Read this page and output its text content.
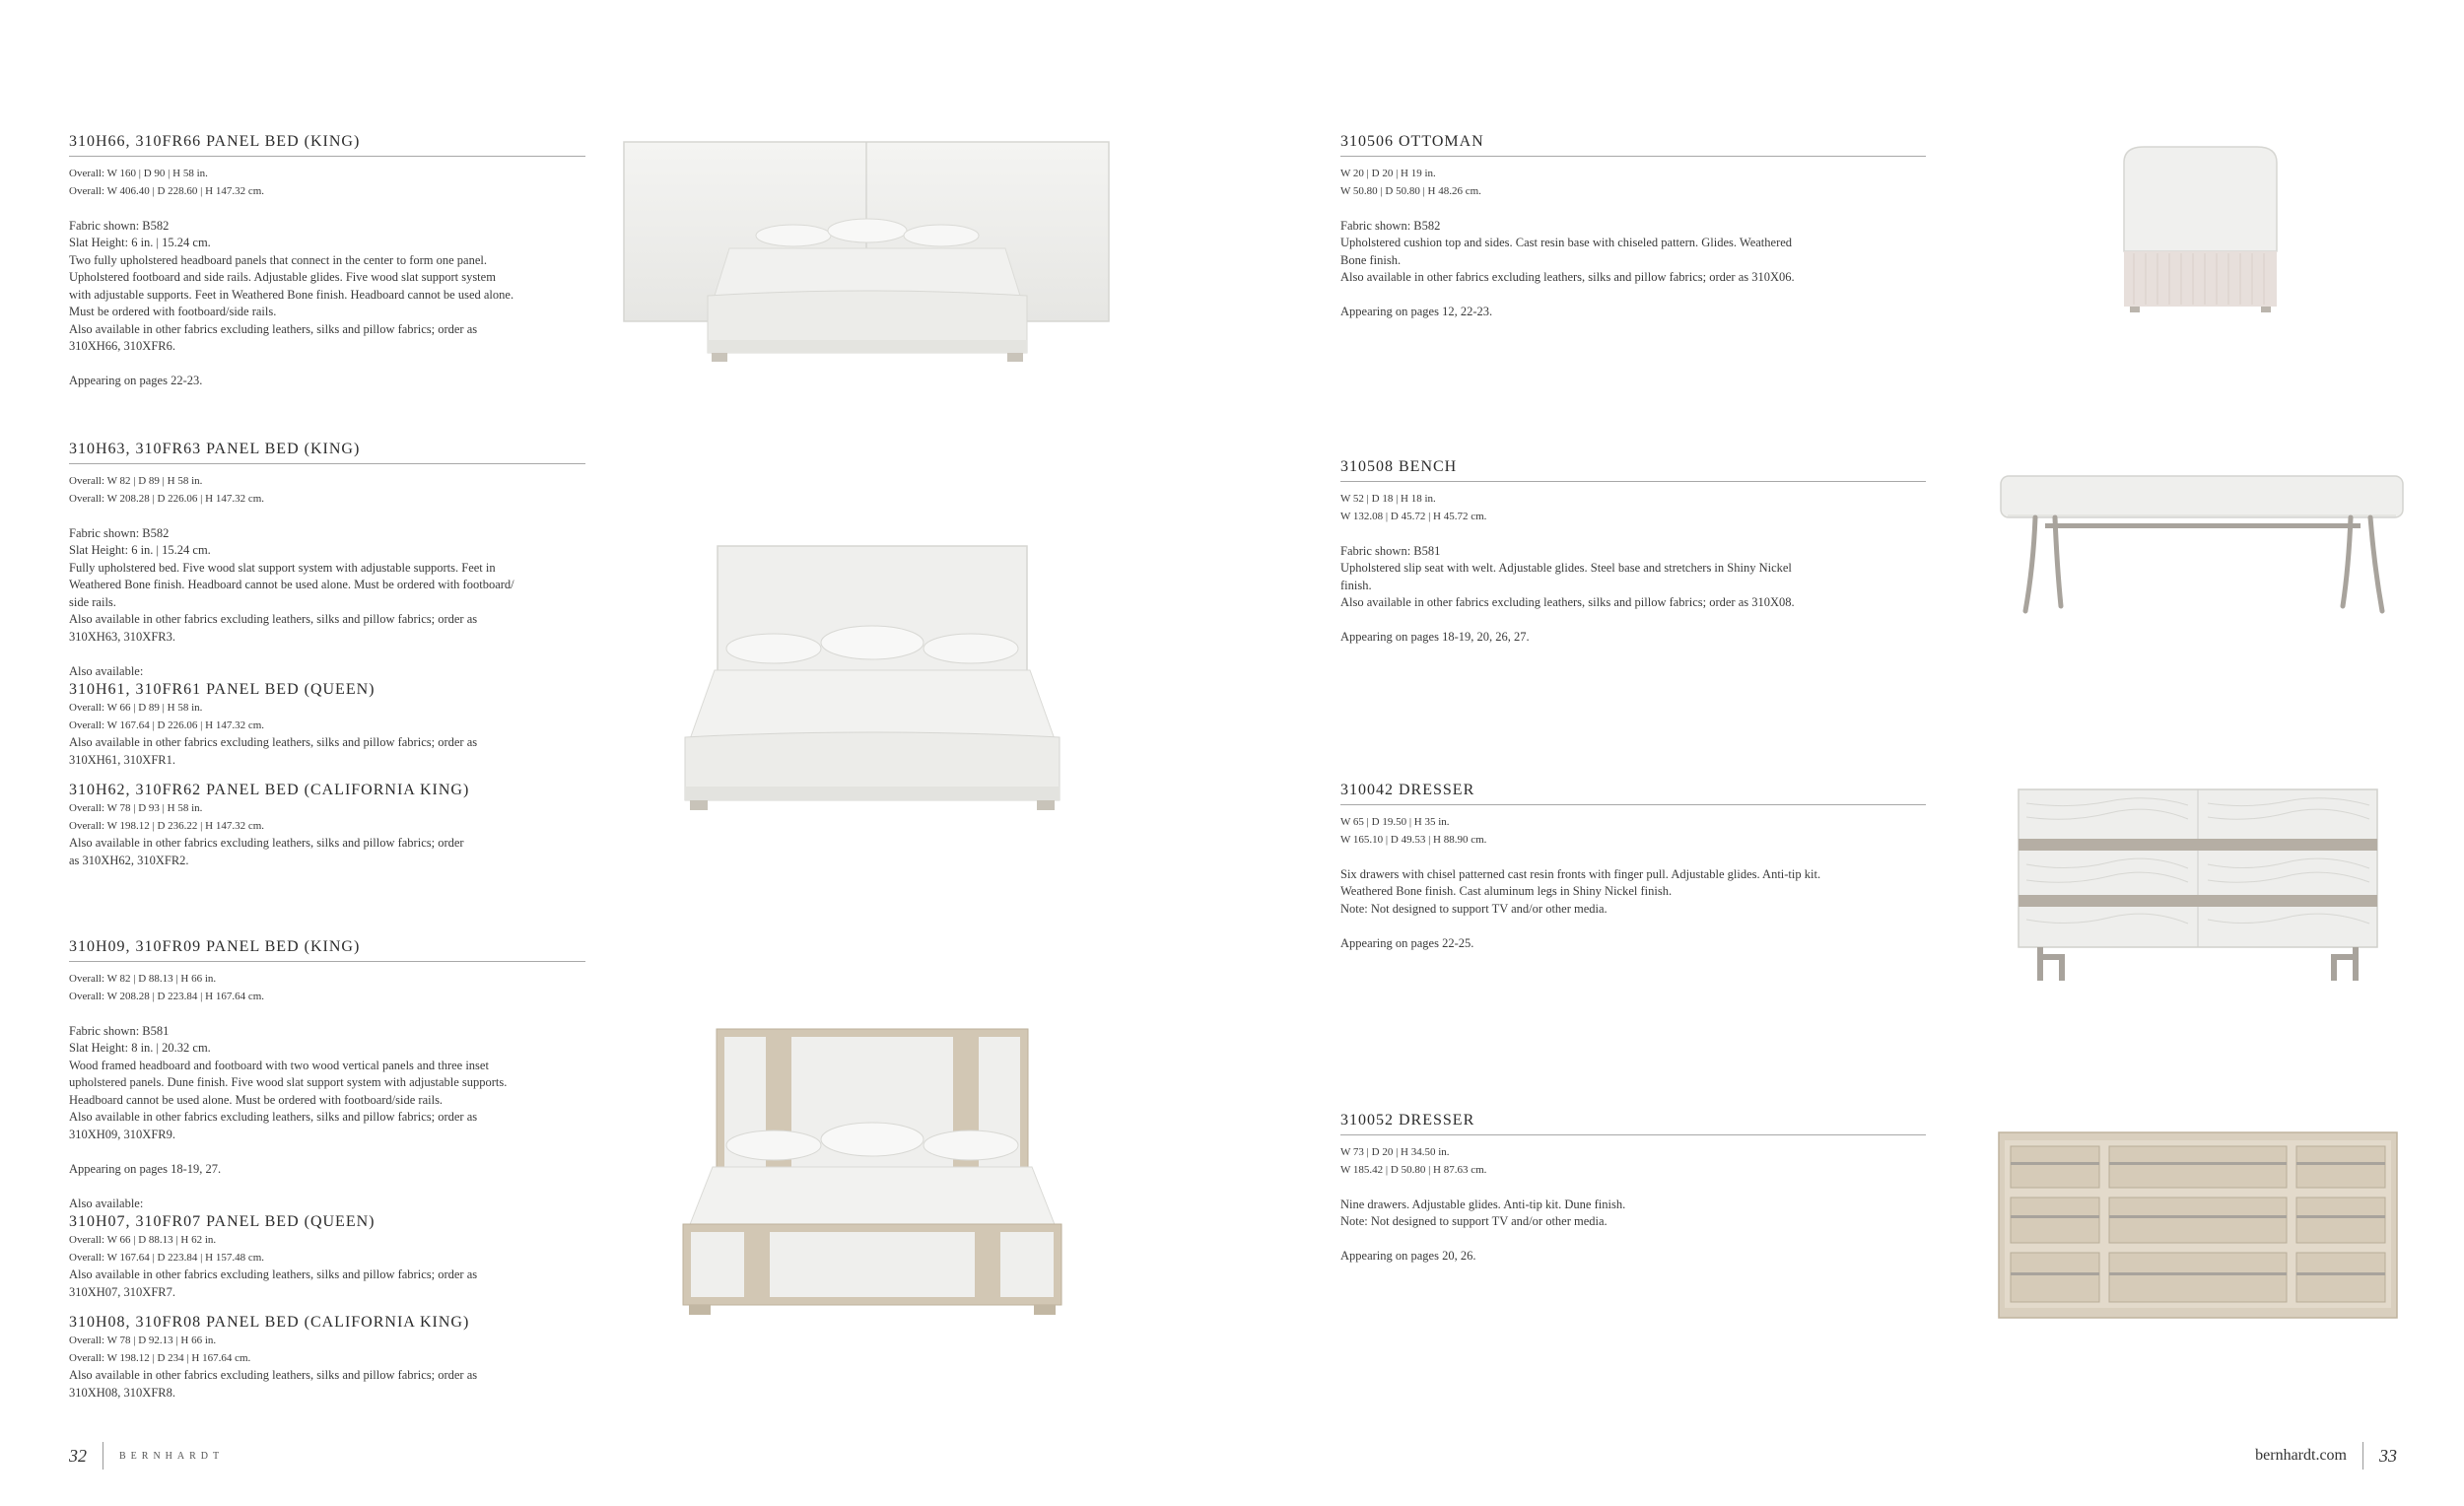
310H66, 310FR66 PANEL BED (KING)
Overall: W 160 | D 90 | H 58 in.
Overall: W 406.40 | D 228.60 | H 147.32 cm.
Fabric shown: B582
Slat Height: 6 in. | 15.24 cm.
Two fully upholstered headboard panels that connect in the center to form one panel.
Upholstered footboard and side rails. Adjustable glides. Five wood slat support system
with adjustable supports. Feet in Weathered Bone finish. Headboard cannot be used alone.
Must be ordered with footboard/side rails.
Also available in other fabrics excluding leathers, silks and pillow fabrics; order as
310XH66, 310XFR6.
Appearing on pages 22-23.
310H63, 310FR63 PANEL BED (KING)
Overall: W 82 | D 89 | H 58 in.
Overall: W 208.28 | D 226.06 | H 147.32 cm.
Fabric shown: B582
Slat Height: 6 in. | 15.24 cm.
Fully upholstered bed. Five wood slat support system with adjustable supports. Feet in
Weathered Bone finish. Headboard cannot be used alone. Must be ordered with footboard/
side rails.
Also available in other fabrics excluding leathers, silks and pillow fabrics; order as
310XH63, 310XFR3.
Also available:
310H61, 310FR61 PANEL BED (QUEEN)
Overall: W 66 | D 89 | H 58 in.
Overall: W 167.64 | D 226.06 | H 147.32 cm.
Also available in other fabrics excluding leathers, silks and pillow fabrics; order as
310XH61, 310XFR1.
310H62, 310FR62 PANEL BED (CALIFORNIA KING)
Overall: W 78 | D 93 | H 58 in.
Overall: W 198.12 | D 236.22 | H 147.32 cm.
Also available in other fabrics excluding leathers, silks and pillow fabrics; order
as 310XH62, 310XFR2.
310H09, 310FR09 PANEL BED (KING)
Overall: W 82 | D 88.13 | H 66 in.
Overall: W 208.28 | D 223.84 | H 167.64 cm.
Fabric shown: B581
Slat Height: 8 in. | 20.32 cm.
Wood framed headboard and footboard with two wood vertical panels and three inset
upholstered panels. Dune finish. Five wood slat support system with adjustable supports.
Headboard cannot be used alone. Must be ordered with footboard/side rails.
Also available in other fabrics excluding leathers, silks and pillow fabrics; order as
310XH09, 310XFR9.
Appearing on pages 18-19, 27.
Also available:
310H07, 310FR07 PANEL BED (QUEEN)
Overall: W 66 | D 88.13 | H 62 in.
Overall: W 167.64 | D 223.84 | H 157.48 cm.
Also available in other fabrics excluding leathers, silks and pillow fabrics; order as
310XH07, 310XFR7.
310H08, 310FR08 PANEL BED (CALIFORNIA KING)
Overall: W 78 | D 92.13 | H 66 in.
Overall: W 198.12 | D 234 | H 167.64 cm.
Also available in other fabrics excluding leathers, silks and pillow fabrics; order as
310XH08, 310XFR8.
32	BERNHARDT
310506 OTTOMAN
W 20 | D 20 | H 19 in.
W 50.80 | D 50.80 | H 48.26 cm.
Fabric shown: B582
Upholstered cushion top and sides. Cast resin base with chiseled pattern. Glides. Weathered
Bone finish.
Also available in other fabrics excluding leathers, silks and pillow fabrics; order as 310X06.
Appearing on pages 12, 22-23.
310508 BENCH
W 52 | D 18 | H 18 in.
W 132.08 | D 45.72 | H 45.72 cm.
Fabric shown: B581
Upholstered slip seat with welt. Adjustable glides. Steel base and stretchers in Shiny Nickel
finish.
Also available in other fabrics excluding leathers, silks and pillow fabrics; order as 310X08.
Appearing on pages 18-19, 20, 26, 27.
310042 DRESSER
W 65 | D 19.50 | H 35 in.
W 165.10 | D 49.53 | H 88.90 cm.
Six drawers with chisel patterned cast resin fronts with finger pull. Adjustable glides. Anti-tip kit.
Weathered Bone finish. Cast aluminum legs in Shiny Nickel finish.
Note: Not designed to support TV and/or other media.
Appearing on pages 22-25.
310052 DRESSER
W 73 | D 20 | H 34.50 in.
W 185.42 | D 50.80 | H 87.63 cm.
Nine drawers. Adjustable glides. Anti-tip kit. Dune finish.
Note: Not designed to support TV and/or other media.
Appearing on pages 20, 26.
bernhardt.com 33
